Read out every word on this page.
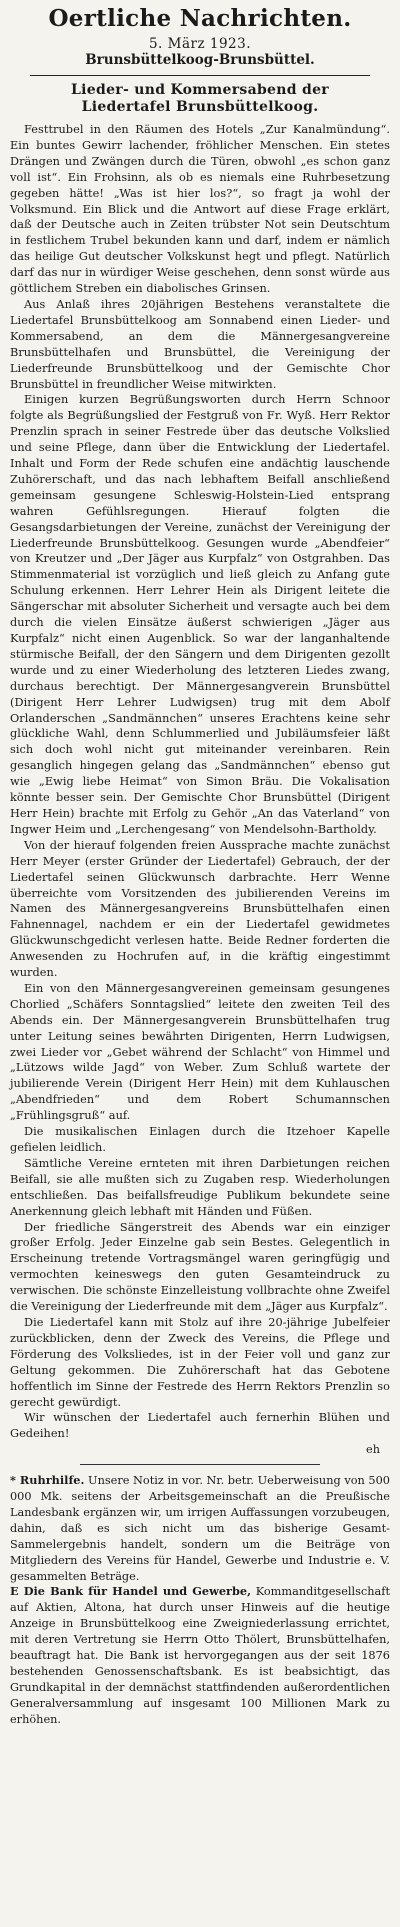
Oertliche Nachrichten.
5. März 1923.
Brunsbüttelkoog-Brunsbüttel.
Lieder- und Kommersabend der
Liedertafel Brunsbüttelkoog.

Festtrubel in den Räumen des Hotels „Zur Kanalmündung“. Ein buntes Gewirr lachender, fröhlicher Menschen. Ein stetes Drängen und Zwängen durch die Türen, obwohl „es schon ganz voll ist“. Ein Frohsinn, als ob es niemals eine Ruhrbesetzung gegeben hätte! „Was ist hier los?“, so fragt ja wohl der Volksmund. Ein Blick und die Antwort auf diese Frage erklärt, daß der Deutsche auch in Zeiten trübster Not sein Deutschtum in festlichem Trubel bekunden kann und darf, indem er nämlich das heilige Gut deutscher Volkskunst hegt und pflegt. Natürlich darf das nur in würdiger Weise geschehen, denn sonst würde aus göttlichem Streben ein diabolisches Grinsen.

Aus Anlaß ihres 20jährigen Bestehens veranstaltete die Liedertafel Brunsbüttelkoog am Sonnabend einen Lieder- und Kommersabend, an dem die Männergesangvereine Brunsbüttelhafen und Brunsbüttel, die Vereinigung der Liederfreunde Brunsbüttelkoog und der Gemischte Chor Brunsbüttel in freundlicher Weise mitwirkten.

Einigen kurzen Begrüßungsworten durch Herrn Schnoor folgte als Begrüßungslied der Festgruß von Fr. Wyß. Herr Rektor Prenzlin sprach in seiner Festrede über das deutsche Volkslied und seine Pflege, dann über die Entwicklung der Liedertafel. Inhalt und Form der Rede schufen eine andächtig lauschende Zuhörerschaft, und das nach lebhaftem Beifall anschließend gemeinsam gesungene Schleswig-Holstein-Lied entsprang wahren Gefühlsregungen. Hierauf folgten die Gesangsdarbietungen der Vereine, zunächst der Vereinigung der Liederfreunde Brunsbüttelkoog. Gesungen wurde „Abendfeier“ von Kreutzer und „Der Jäger aus Kurpfalz“ von Ostgrahben. Das Stimmenmaterial ist vorzüglich und ließ gleich zu Anfang gute Schulung erkennen. Herr Lehrer Hein als Dirigent leitete die Sängerschar mit absoluter Sicherheit und versagte auch bei dem durch die vielen Einsätze äußerst schwierigen „Jäger aus Kurpfalz“ nicht einen Augenblick. So war der langanhaltende stürmische Beifall, der den Sängern und dem Dirigenten gezollt wurde und zu einer Wiederholung des letzteren Liedes zwang, durchaus berechtigt. Der Männergesangverein Brunsbüttel (Dirigent Herr Lehrer Ludwigsen) trug mit dem Abolf Orlanderschen „Sandmännchen“ unseres Erachtens keine sehr glückliche Wahl, denn Schlummerlied und Jubiläumsfeier läßt sich doch wohl nicht gut miteinander vereinbaren. Rein gesanglich hingegen gelang das „Sandmännchen“ ebenso gut wie „Ewig liebe Heimat“ von Simon Bräu. Die Vokalisation könnte besser sein. Der Gemischte Chor Brunsbüttel (Dirigent Herr Hein) brachte mit Erfolg zu Gehör „An das Vaterland“ von Ingwer Heim und „Lerchengesang“ von Mendelsohn-Bartholdy.

Von der hierauf folgenden freien Aussprache machte zunächst Herr Meyer (erster Gründer der Liedertafel) Gebrauch, der der Liedertafel seinen Glückwunsch darbrachte. Herr Wenne überreichte vom Vorsitzenden des jubilierenden Vereins im Namen des Männergesangvereins Brunsbüttelhafen einen Fahnennagel, nachdem er ein der Liedertafel gewidmetes Glückwunschgedicht verlesen hatte. Beide Redner forderten die Anwesenden zu Hochrufen auf, in die kräftig eingestimmt wurden.

Ein von den Männergesangvereinen gemeinsam gesungenes Chorlied „Schäfers Sonntagslied“ leitete den zweiten Teil des Abends ein. Der Männergesangverein Brunsbüttelhafen trug unter Leitung seines bewährten Dirigenten, Herrn Ludwigsen, zwei Lieder vor „Gebet während der Schlacht“ von Himmel und „Lützows wilde Jagd“ von Weber. Zum Schluß wartete der jubilierende Verein (Dirigent Herr Hein) mit dem Kuhlauschen „Abendfrieden“ und dem Robert Schumannschen „Frühlingsgruß“ auf.

Die musikalischen Einlagen durch die Itzehoer Kapelle gefielen leidlich.

Sämtliche Vereine ernteten mit ihren Darbietungen reichen Beifall, sie alle mußten sich zu Zugaben resp. Wiederholungen entschließen. Das beifallsfreudige Publikum bekundete seine Anerkennung gleich lebhaft mit Händen und Füßen.

Der friedliche Sängerstreit des Abends war ein einziger großer Erfolg. Jeder Einzelne gab sein Bestes. Gelegentlich in Erscheinung tretende Vortragsmängel waren geringfügig und vermochten keineswegs den guten Gesamteindruck zu verwischen. Die schönste Einzelleistung vollbrachte ohne Zweifel die Vereinigung der Liederfreunde mit dem „Jäger aus Kurpfalz“.

Die Liedertafel kann mit Stolz auf ihre 20-jährige Jubelfeier zurückblicken, denn der Zweck des Vereins, die Pflege und Förderung des Volksliedes, ist in der Feier voll und ganz zur Geltung gekommen. Die Zuhörerschaft hat das Gebotene hoffentlich im Sinne der Festrede des Herrn Rektors Prenzlin so gerecht gewürdigt.

Wir wünschen der Liedertafel auch fernerhin Blühen und Gedeihen!

eh

* Ruhrhilfe. Unsere Notiz in vor. Nr. betr. Ueberweisung von 500 000 Mk. seitens der Arbeitsgemeinschaft an die Preußische Landesbank ergänzen wir, um irrigen Auffassungen vorzubeugen, dahin, daß es sich nicht um das bisherige Gesamt-Sammelergebnis handelt, sondern um die Beiträge von Mitgliedern des Vereins für Handel, Gewerbe und Industrie e. V. gesammelten Beträge.

E Die Bank für Handel und Gewerbe, Kommanditgesellschaft auf Aktien, Altona, hat durch unser Hinweis auf die heutige Anzeige in Brunsbüttelkoog eine Zweigniederlassung errichtet, mit deren Vertretung sie Herrn Otto Thölert, Brunsbüttelhafen, beauftragt hat. Die Bank ist hervorgegangen aus der seit 1876 bestehenden Genossenschaftsbank. Es ist beabsichtigt, das Grundkapital in der demnächst stattfindenden außerordentlichen Generalversammlung auf insgesamt 100 Millionen Mark zu erhöhen.
